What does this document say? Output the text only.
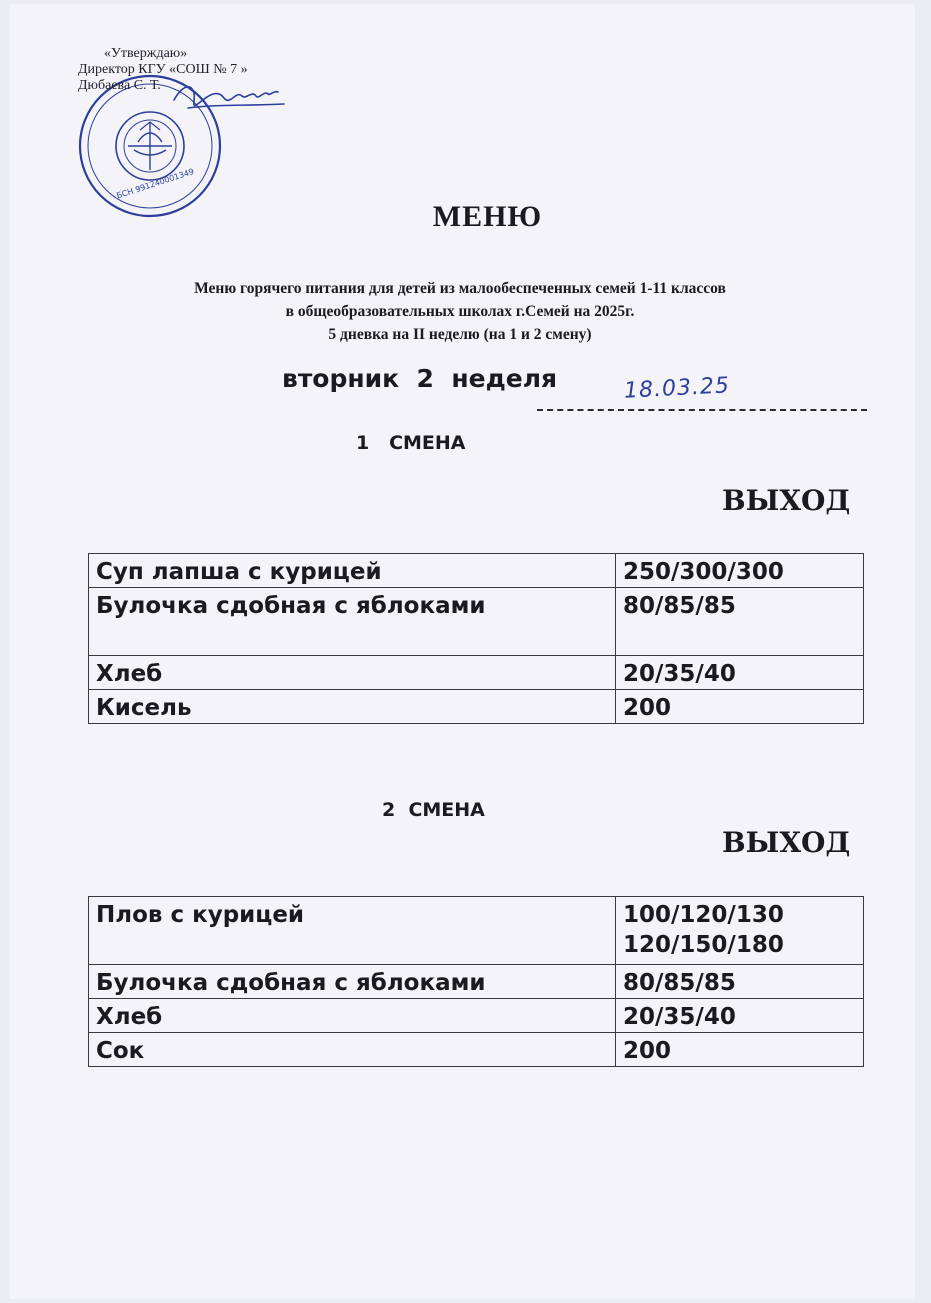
БСН 991240001349
«Утверждаю»
Директор КГУ «СОШ № 7 »
Дюбаева С. Т.
МЕНЮ
Меню горячего питания для детей из малообеспеченных семей 1-11 классов
в общеобразовательных школах г.Семей на 2025г.
5 дневка на II неделю (на 1 и 2 смену)
вторник  2  неделя	18.03.25
1   СМЕНА
ВЫХОД
Суп лапша с курицей	250/300/300
Булочка сдобная с яблоками	80/85/85
Хлеб	20/35/40
Кисель	200
2  СМЕНА
ВЫХОД
Плов с курицей	100/120/130
120/150/180

Булочка сдобная с яблоками	80/85/85
Хлеб	20/35/40
Сок	200
